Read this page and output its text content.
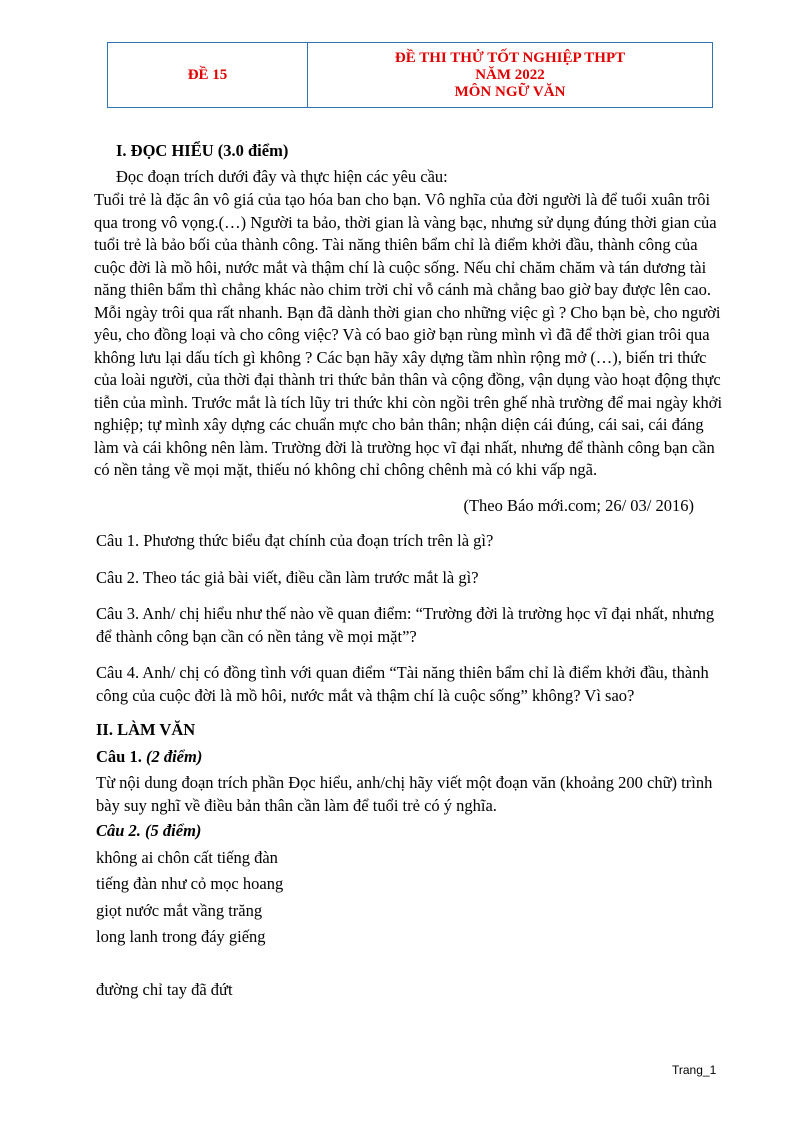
ĐỀ 15
ĐỀ THI THỬ TỐT NGHIỆP THPT
NĂM 2022
MÔN NGỮ VĂN

I. ĐỌC HIỂU (3.0 điểm)

Đọc đoạn trích dưới đây và thực hiện các yêu cầu:

Tuổi trẻ là đặc ân vô giá của tạo hóa ban cho bạn. Vô nghĩa của đời người là để tuổi xuân trôi qua trong vô vọng.(…) Người ta bảo, thời gian là vàng bạc, nhưng sử dụng đúng thời gian của tuổi trẻ là bảo bối của thành công. Tài năng thiên bẩm chỉ là điểm khởi đầu, thành công của cuộc đời là mồ hôi, nước mắt và thậm chí là cuộc sống. Nếu chỉ chăm chăm và tán dương tài năng thiên bẩm thì chẳng khác nào chim trời chỉ vỗ cánh mà chẳng bao giờ bay được lên cao. Mỗi ngày trôi qua rất nhanh. Bạn đã dành thời gian cho những việc gì ? Cho bạn bè, cho người yêu, cho đồng loại và cho công việc? Và có bao giờ bạn rùng mình vì đã để thời gian trôi qua không lưu lại dấu tích gì không ? Các bạn hãy xây dựng tầm nhìn rộng mở (…), biến tri thức của loài người, của thời đại thành tri thức bản thân và cộng đồng, vận dụng vào hoạt động thực tiễn của mình. Trước mắt là tích lũy tri thức khi còn ngồi trên ghế nhà trường để mai ngày khởi nghiệp; tự mình xây dựng các chuẩn mực cho bản thân; nhận diện cái đúng, cái sai, cái đáng làm và cái không nên làm. Trường đời là trường học vĩ đại nhất, nhưng để thành công bạn cần có nền tảng về mọi mặt, thiếu nó không chỉ chông chênh mà có khi vấp ngã.

(Theo Báo mới.com; 26/ 03/ 2016)

Câu 1. Phương thức biểu đạt chính của đoạn trích trên là gì?

Câu 2. Theo tác giả bài viết, điều cần làm trước mắt là gì?

Câu 3. Anh/ chị hiểu như thế nào về quan điểm: “Trường đời là trường học vĩ đại nhất, nhưng để thành công bạn cần có nền tảng về mọi mặt”?

Câu 4. Anh/ chị có đồng tình với quan điểm “Tài năng thiên bẩm chỉ là điểm khởi đầu, thành công của cuộc đời là mồ hôi, nước mắt và thậm chí là cuộc sống” không? Vì sao?

II. LÀM VĂN

Câu 1. (2 điểm)

Từ nội dung đoạn trích phần Đọc hiểu, anh/chị hãy viết một đoạn văn (khoảng 200 chữ) trình bày suy nghĩ về điều bản thân cần làm để tuổi trẻ có ý nghĩa.

Câu 2. (5 điểm)

không ai chôn cất tiếng đàn

tiếng đàn như cỏ mọc hoang

giọt nước mắt vầng trăng

long lanh trong đáy giếng

đường chỉ tay đã đứt

Trang_1
